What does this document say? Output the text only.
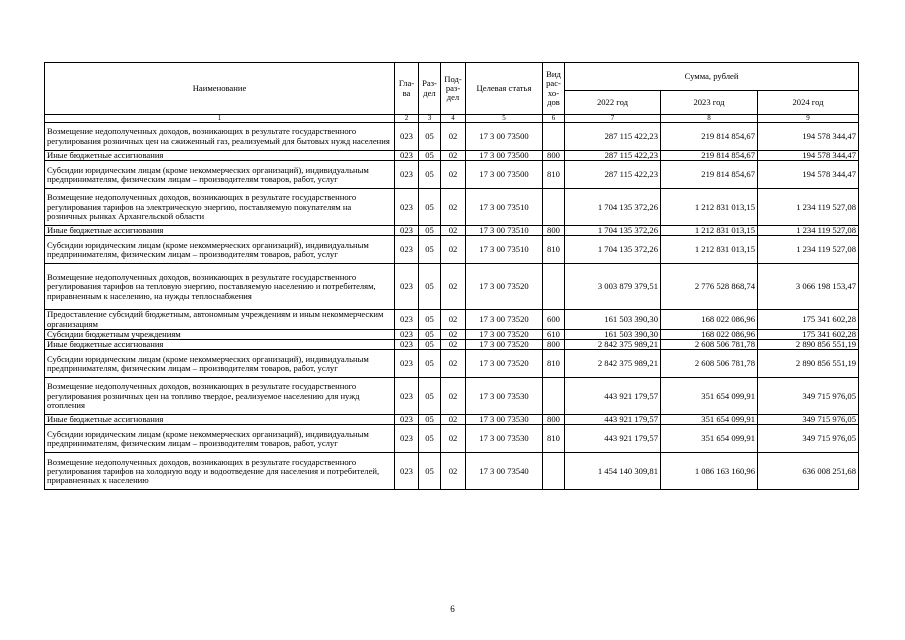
Наименование	Гла-ва	Раз-дел	Под-раз-дел	Целевая статья	Вид рас-хо-дов	Сумма, рублей		
						2022 год	2023 год	2024 год
1	2	3	4	5	6	7	8	9
Возмещение недополученных доходов, возникающих в результате государственного регулирования розничных цен на сжиженный газ, реализуемый для бытовых нужд населения	023	05	02	17 3 00 73500		287 115 422,23	219 814 854,67	194 578 344,47
Иные бюджетные ассигнования	023	05	02	17 3 00 73500	800	287 115 422,23	219 814 854,67	194 578 344,47
Субсидии юридическим лицам (кроме некоммерческих организаций), индивидуальным предпринимателям, физическим лицам – производителям товаров, работ, услуг	023	05	02	17 3 00 73500	810	287 115 422,23	219 814 854,67	194 578 344,47
Возмещение недополученных доходов, возникающих в результате государственного регулирования тарифов на электрическую энергию, поставляемую покупателям на розничных рынках Архангельской области	023	05	02	17 3 00 73510		1 704 135 372,26	1 212 831 013,15	1 234 119 527,08
Иные бюджетные ассигнования	023	05	02	17 3 00 73510	800	1 704 135 372,26	1 212 831 013,15	1 234 119 527,08
Субсидии юридическим лицам (кроме некоммерческих организаций), индивидуальным предпринимателям, физическим лицам – производителям товаров, работ, услуг	023	05	02	17 3 00 73510	810	1 704 135 372,26	1 212 831 013,15	1 234 119 527,08
Возмещение недополученных доходов, возникающих в результате государственного регулирования тарифов на тепловую энергию, поставляемую населению и потребителям, приравненным к населению, на нужды теплоснабжения	023	05	02	17 3 00 73520		3 003 879 379,51	2 776 528 868,74	3 066 198 153,47
Предоставление субсидий бюджетным, автономным учреждениям и иным некоммерческим организациям	023	05	02	17 3 00 73520	600	161 503 390,30	168 022 086,96	175 341 602,28
Субсидии бюджетным учреждениям	023	05	02	17 3 00 73520	610	161 503 390,30	168 022 086,96	175 341 602,28
Иные бюджетные ассигнования	023	05	02	17 3 00 73520	800	2 842 375 989,21	2 608 506 781,78	2 890 856 551,19
Субсидии юридическим лицам (кроме некоммерческих организаций), индивидуальным предпринимателям, физическим лицам – производителям товаров, работ, услуг	023	05	02	17 3 00 73520	810	2 842 375 989,21	2 608 506 781,78	2 890 856 551,19
Возмещение недополученных доходов, возникающих в результате государственного регулирования розничных цен на топливо твердое, реализуемое населению для нужд отопления	023	05	02	17 3 00 73530		443 921 179,57	351 654 099,91	349 715 976,05
Иные бюджетные ассигнования	023	05	02	17 3 00 73530	800	443 921 179,57	351 654 099,91	349 715 976,05
Субсидии юридическим лицам (кроме некоммерческих организаций), индивидуальным предпринимателям, физическим лицам – производителям товаров, работ, услуг	023	05	02	17 3 00 73530	810	443 921 179,57	351 654 099,91	349 715 976,05
Возмещение недополученных доходов, возникающих в результате государственного регулирования тарифов на холодную воду и водоотведение для населения и потребителей, приравненных к населению	023	05	02	17 3 00 73540		1 454 140 309,81	1 086 163 160,96	636 008 251,68
6
